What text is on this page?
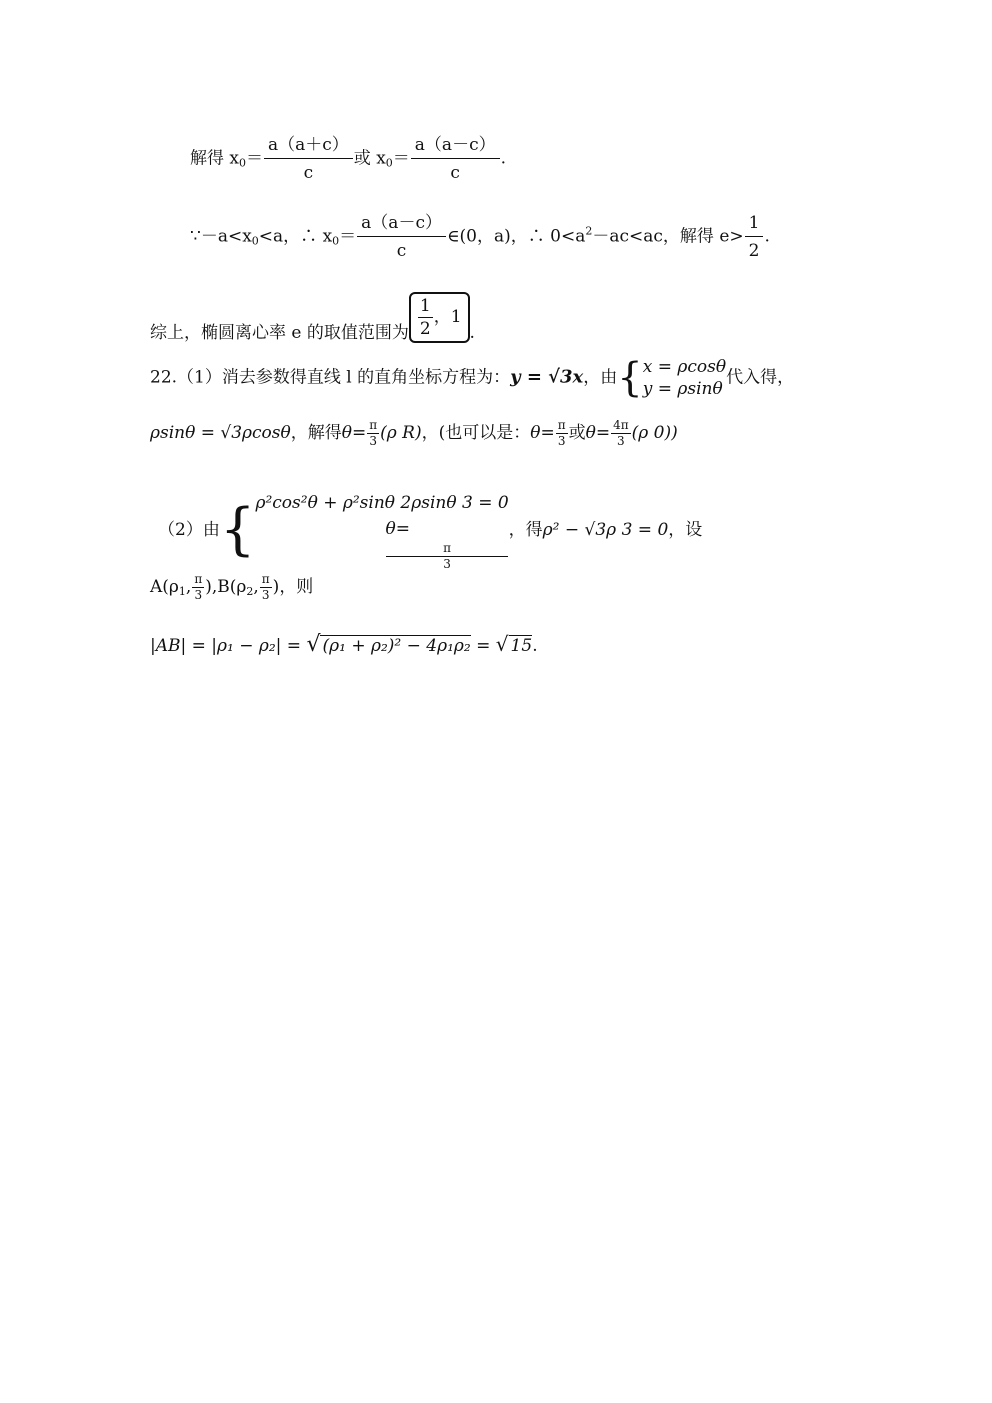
解得 $x_0= \frac{a(a+c)}{c}$ 或 $x_0= \frac{a(a-c)}{c}$ .
$\because-a<x_0<a$，∴ $x_0= \frac{a(a-c)}{c}$ ∈(0，a)，∴ $0<a^2-ac<ac$，解得 $e> \frac{1}{2}$ .
综上，椭圆离心率 e 的取值范围为 $\frac{1}{2}$ ，1.
22.（1）消去参数得直线 l 的直角坐标方程为：y = √3x，由{ x = ρcosθ
y = ρsinθ
代入得，
ρsinθ = √3ρcosθ，解得$\theta= \frac{\pi}{3} (\rho$ R)，(也可以是：$\theta= \frac{\pi}{3}$ 或$\theta= \frac{4\pi}{3} (\rho$ 0))
（2）由{ ρ²cos²θ + ρ²sinθ 2ρsinθ 3 = 0
θ=
π
3
，得ρ² − √3ρ 3 = 0，设
$A(\rho_1$, $\frac{\pi}{3} ),B(\rho_2$, $\frac{\pi}{3}$ )，则
|AB| = |ρ₁ − ρ₂| = √ (ρ₁ + ρ₂)² − 4ρ₁ρ₂ = √ 15.
